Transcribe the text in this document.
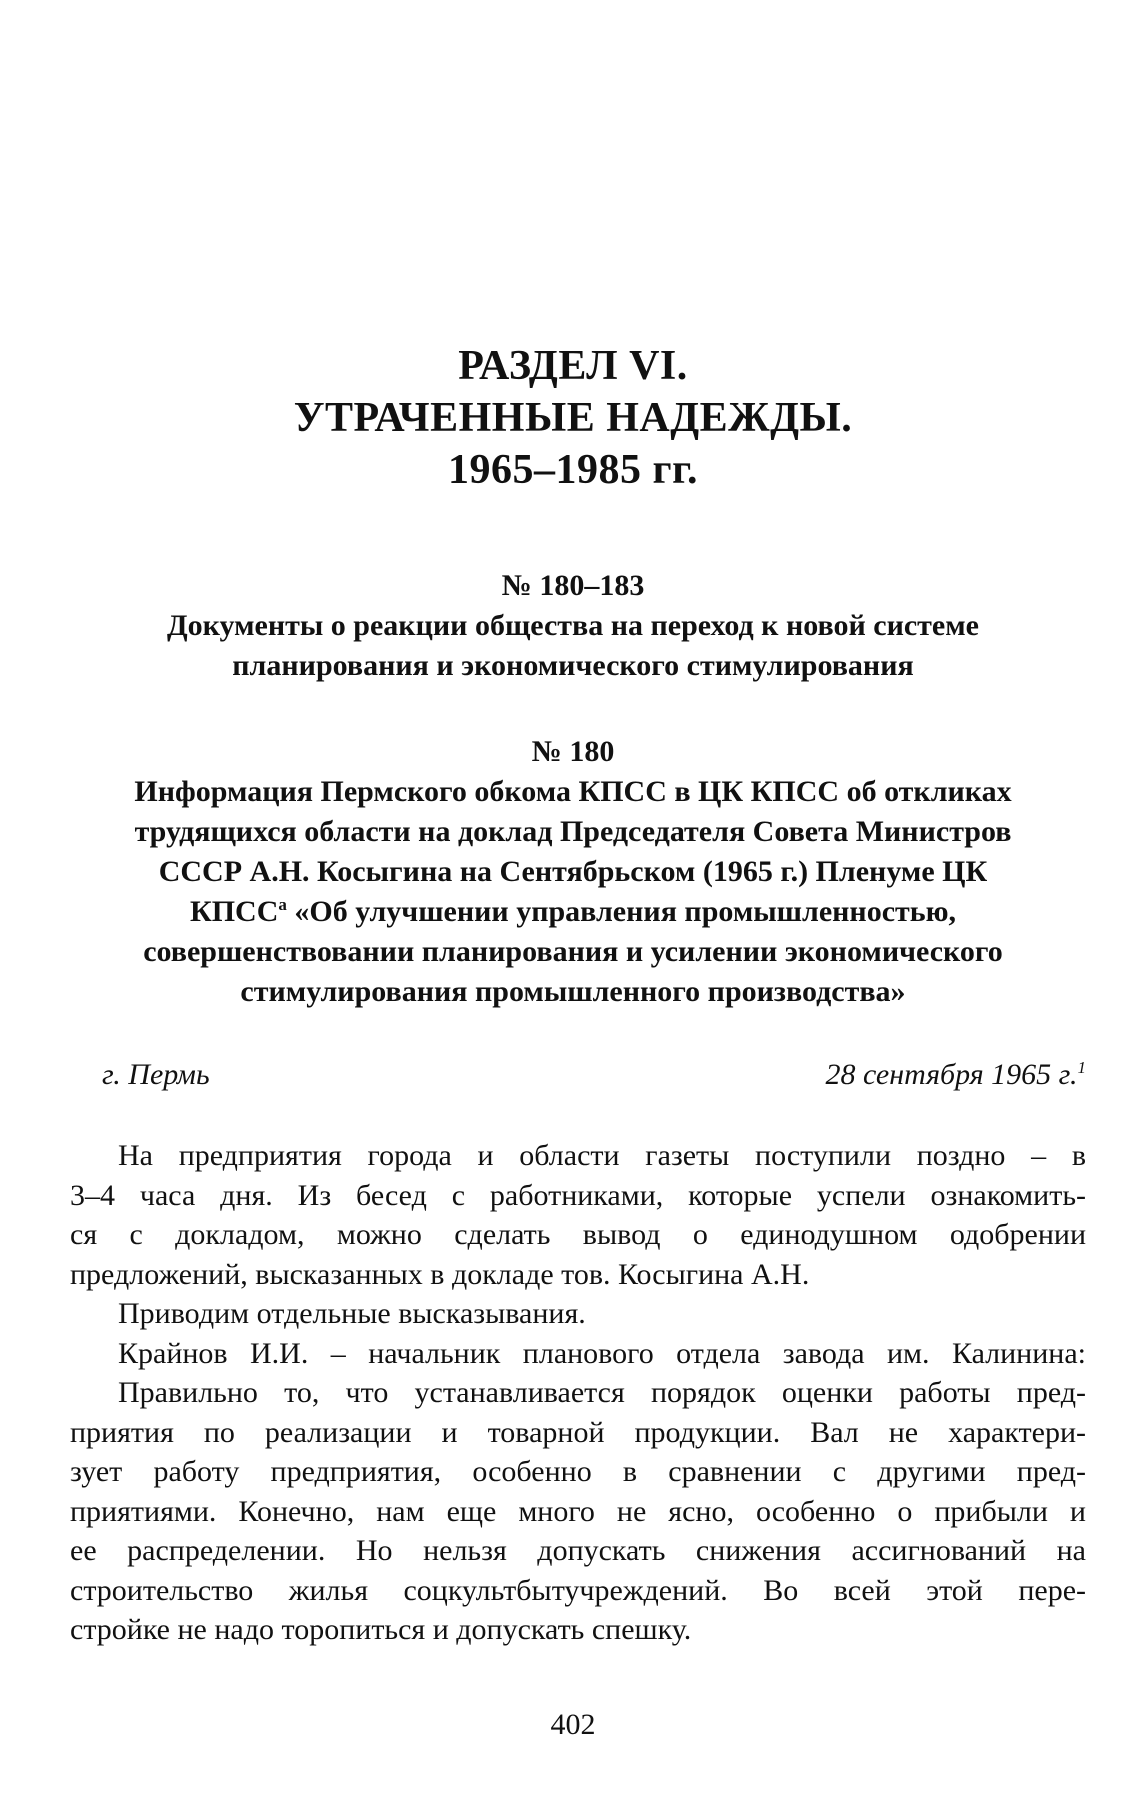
РАЗДЕЛ VI.
УТРАЧЕННЫЕ НАДЕЖДЫ.
1965–1985 гг.
№ 180–183
Документы о реакции общества на переход к новой системе
планирования и экономического стимулирования
№ 180
Информация Пермского обкома КПСС в ЦК КПСС об откликах
трудящихся области на доклад Председателя Совета Министров
СССР А.Н. Косыгина на Сентябрьском (1965 г.) Пленуме ЦК
$КПСС^а$ «Об улучшении управления промышленностью,
совершенствовании планирования и усилении экономического
стимулирования промышленного производства»
г. Пермь	28 сентября 1965 г.$^1$
На предприятия города и области газеты поступили поздно – в
3–4 часа дня. Из бесед с работниками, которые успели ознакомить-
ся с докладом, можно сделать вывод о единодушном одобрении
предложений, высказанных в докладе тов. Косыгина А.Н.
Приводим отдельные высказывания.
Крайнов И.И. – начальник планового отдела завода им. Калинина:
Правильно то, что устанавливается порядок оценки работы пред-
приятия по реализации и товарной продукции. Вал не характери-
зует работу предприятия, особенно в сравнении с другими пред-
приятиями. Конечно, нам еще много не ясно, особенно о прибыли и
ее распределении. Но нельзя допускать снижения ассигнований на
строительство жилья соцкультбытучреждений. Во всей этой пере-
стройке не надо торопиться и допускать спешку.
402
